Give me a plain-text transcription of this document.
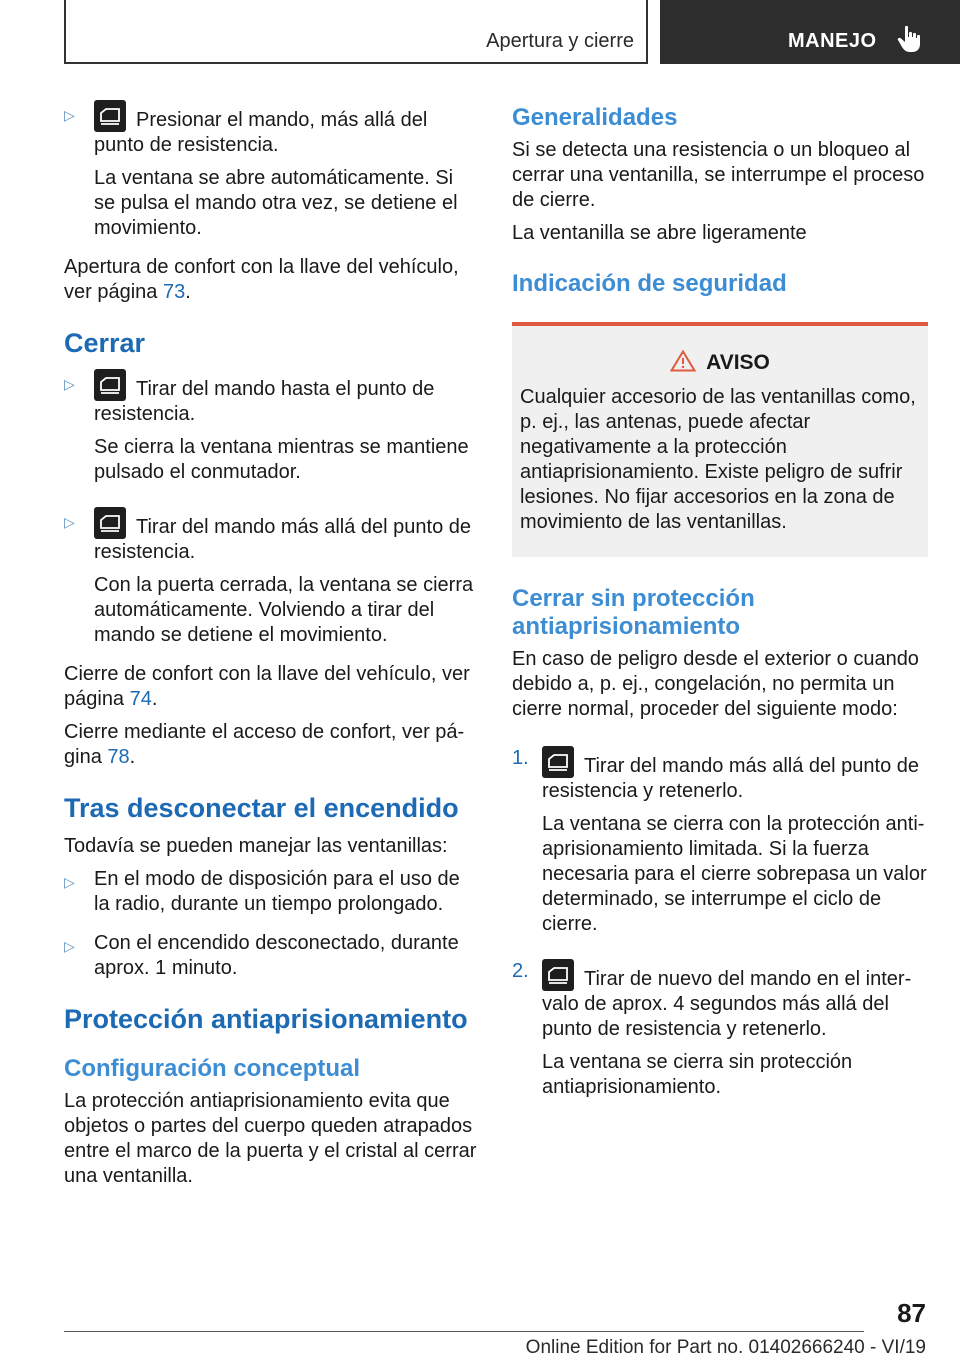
Apertura y cierre	MANEJO
▷	Presionar el mando, más allá del punto de resistencia.
La ventana se abre automáticamente. Si se pulsa el mando otra vez, se detiene el movimiento.

Apertura de confort con la llave del vehículo, ver página 73.

Cerrar
▷	Tirar del mando hasta el punto de resistencia.
Se cierra la ventana mientras se mantiene pulsado el conmutador.
▷	Tirar del mando más allá del punto de resistencia.
Con la puerta cerrada, la ventana se cierra automáticamente. Volviendo a tirar del mando se detiene el movimiento.

Cierre de confort con la llave del vehículo, ver página 74.

Cierre mediante el acceso de confort, ver página 78.

Tras desconectar el encendido

Todavía se pueden manejar las ventanillas:

▷ En el modo de disposición para el uso de la radio, durante un tiempo prolongado.
▷ Con el encendido desconectado, durante aprox. 1 minuto.
Protección antiaprisionamiento
Configuración conceptual

La protección antiaprisionamiento evita que objetos o partes del cuerpo queden atrapados entre el marco de la puerta y el cristal al cerrar una ventanilla.

Generalidades

Si se detecta una resistencia o un bloqueo al cerrar una ventanilla, se interrumpe el proceso de cierre.

La ventanilla se abre ligeramente

Indicación de seguridad
AVISO

Cualquier accesorio de las ventanillas como, p. ej., las antenas, puede afectar negativamente a la protección antiaprisionamiento. Existe peligro de sufrir lesiones. No fijar accesorios en la zona de movimiento de las ventanillas.

Cerrar sin protección antiaprisionamiento

En caso de peligro desde el exterior o cuando debido a, p. ej., congelación, no permita un cierre normal, proceder del siguiente modo:

1.	Tirar del mando más allá del punto de resistencia y retenerlo.
La ventana se cierra con la protección antiaprisionamiento limitada. Si la fuerza necesaria para el cierre sobrepasa un valor determinado, se interrumpe el ciclo de cierre.
2.	Tirar de nuevo del mando en el intervalo de aprox. 4 segundos más allá del punto de resistencia y retenerlo.
La ventana se cierra sin protección antiaprisionamiento.
87
Online Edition for Part no. 01402666240 - VI/19
